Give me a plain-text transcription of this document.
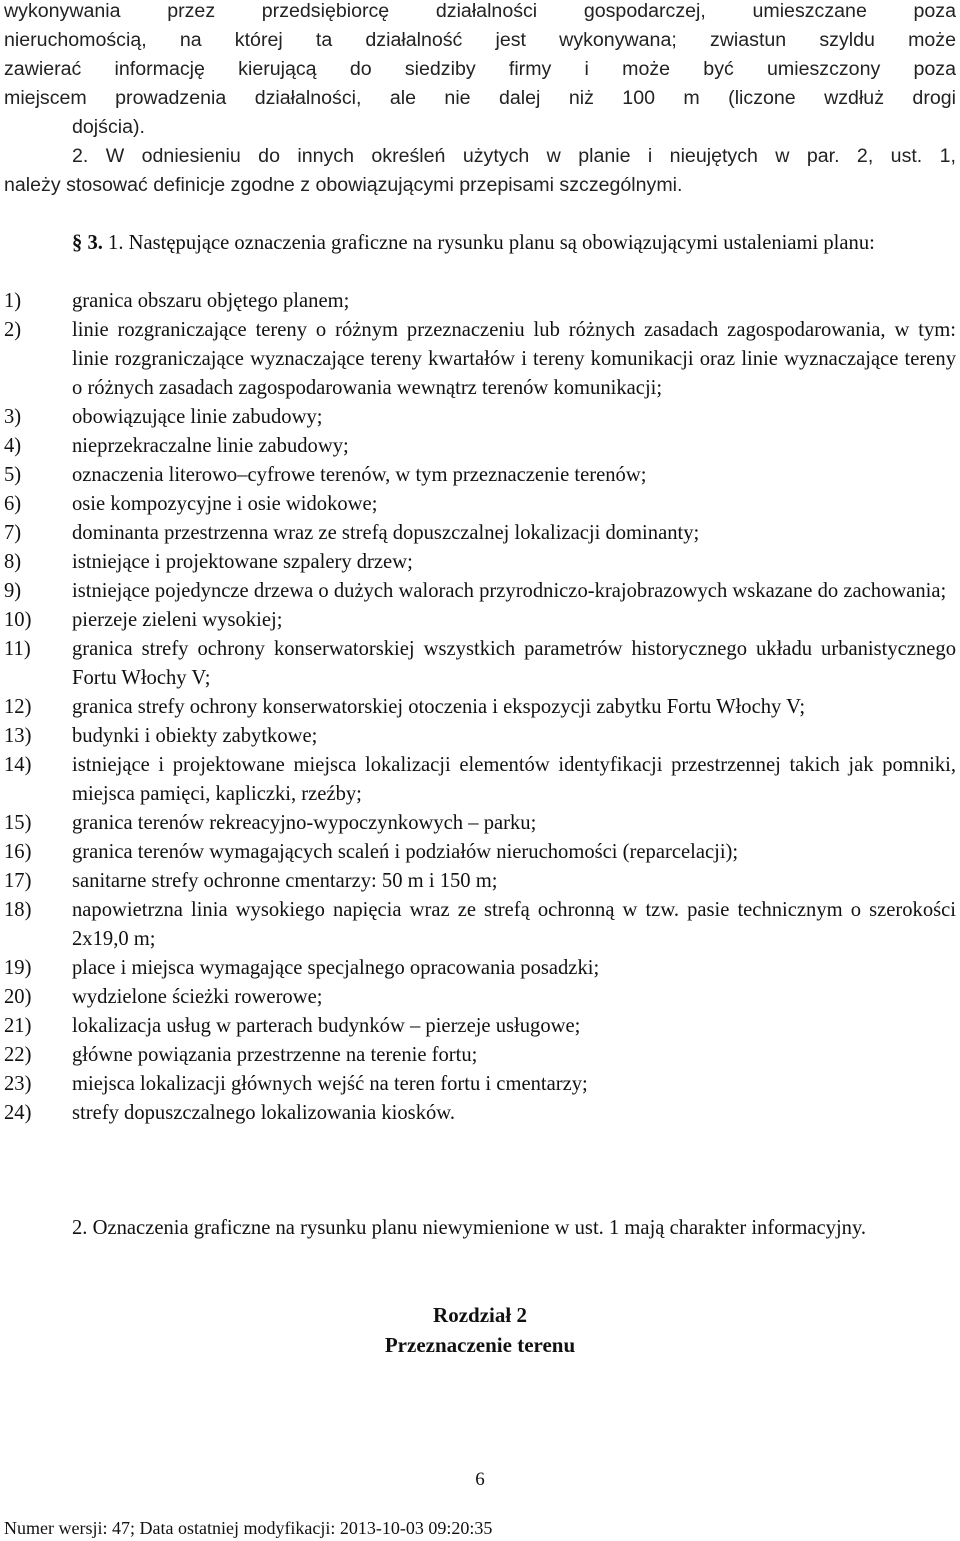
wykonywania przez przedsiębiorcę działalności gospodarczej, umieszczane poza
nieruchomością, na której ta działalność jest wykonywana; zwiastun szyldu może
zawierać informację kierującą do siedziby firmy i może być umieszczony poza
miejscem prowadzenia działalności, ale nie dalej niż 100 m (liczone wzdłuż drogi
dojścia).
2. W odniesieniu do innych określeń użytych w planie i nieujętych w par. 2, ust. 1,
należy stosować definicje zgodne z obowiązującymi przepisami szczególnymi.
§ 3. 1. Następujące oznaczenia graficzne na rysunku planu są obowiązującymi ustaleniami planu:
1)	granica obszaru objętego planem;
2)	linie rozgraniczające tereny o różnym przeznaczeniu lub różnych zasadach zagospodarowania, w tym: linie rozgraniczające wyznaczające tereny kwartałów i tereny komunikacji oraz linie wyznaczające tereny o różnych zasadach zagospodarowania wewnątrz terenów komunikacji;
3)	obowiązujące linie zabudowy;
4)	nieprzekraczalne linie zabudowy;
5)	oznaczenia literowo–cyfrowe terenów, w tym przeznaczenie terenów;
6)	osie kompozycyjne i osie widokowe;
7)	dominanta przestrzenna wraz ze strefą dopuszczalnej lokalizacji dominanty;
8)	istniejące i projektowane szpalery drzew;
9)	istniejące pojedyncze drzewa o dużych walorach przyrodniczo-krajobrazowych wskazane do zachowania;
10)	pierzeje zieleni wysokiej;
11)	granica strefy ochrony konserwatorskiej wszystkich parametrów historycznego układu urbanistycznego Fortu Włochy V;
12)	granica strefy ochrony konserwatorskiej otoczenia i ekspozycji zabytku Fortu Włochy V;
13)	budynki i obiekty zabytkowe;
14)	istniejące i projektowane miejsca lokalizacji elementów identyfikacji przestrzennej takich jak pomniki, miejsca pamięci, kapliczki, rzeźby;
15)	granica terenów rekreacyjno-wypoczynkowych – parku;
16)	granica terenów wymagających scaleń i podziałów nieruchomości (reparcelacji);
17)	sanitarne strefy ochronne cmentarzy: 50 m i 150 m;
18)	napowietrzna linia wysokiego napięcia wraz ze strefą ochronną w tzw. pasie technicznym o szerokości 2x19,0 m;
19)	place i miejsca wymagające specjalnego opracowania posadzki;
20)	wydzielone ścieżki rowerowe;
21)	lokalizacja usług w parterach budynków – pierzeje usługowe;
22)	główne powiązania przestrzenne na terenie fortu;
23)	miejsca lokalizacji głównych wejść na teren fortu i cmentarzy;
24)	strefy dopuszczalnego lokalizowania kiosków.
2. Oznaczenia graficzne na rysunku planu niewymienione w ust. 1 mają charakter informacyjny.
Rozdział 2
Przeznaczenie terenu
6
Numer wersji: 47; Data ostatniej modyfikacji: 2013-10-03 09:20:35
